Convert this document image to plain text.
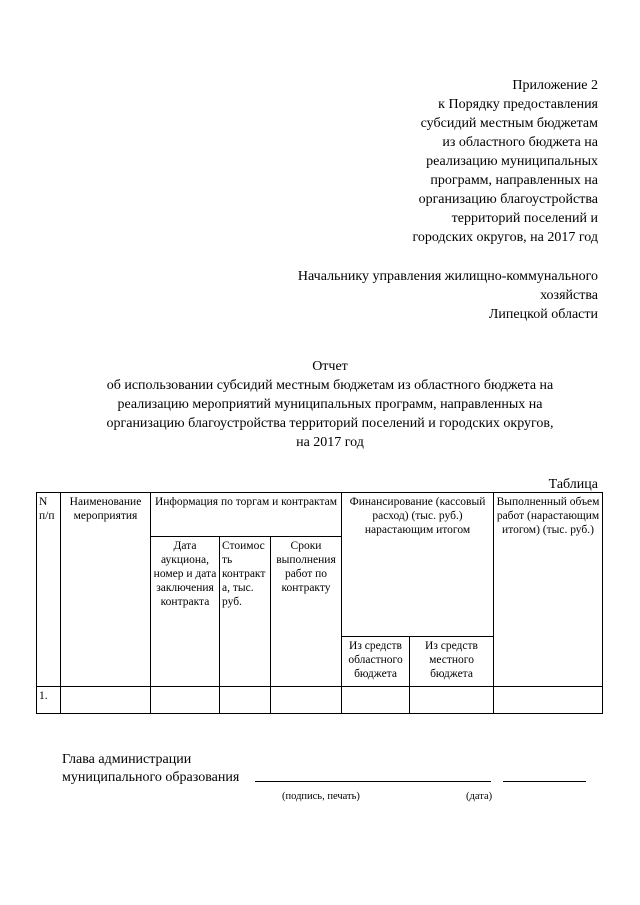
Приложение 2
к Порядку предоставления
субсидий местным бюджетам
из областного бюджета на
реализацию муниципальных
программ, направленных на
организацию благоустройства
территорий поселений и
городских округов, на 2017 год
Начальнику управления жилищно-коммунального
хозяйства
Липецкой области
Отчет
об использовании субсидий местным бюджетам из областного бюджета на
реализацию мероприятий муниципальных программ, направленных на
организацию благоустройства территорий поселений и городских округов,
на 2017 год
Таблица
N п/п	Наименование мероприятия	Информация по торгам и контрактам			Финансирование (кассовый расход) (тыс. руб.) нарастающим итогом		Выполненный объем работ (нарастающим итогом) (тыс. руб.)
		Дата аукциона, номер и дата заключения контракта	Стоимость контракта, тыс. руб.	Сроки выполнения работ по контракту			
					Из средств областного бюджета	Из средств местного бюджета	
1.							
Глава администрации
муниципального образования
(подпись, печать)	(дата)
